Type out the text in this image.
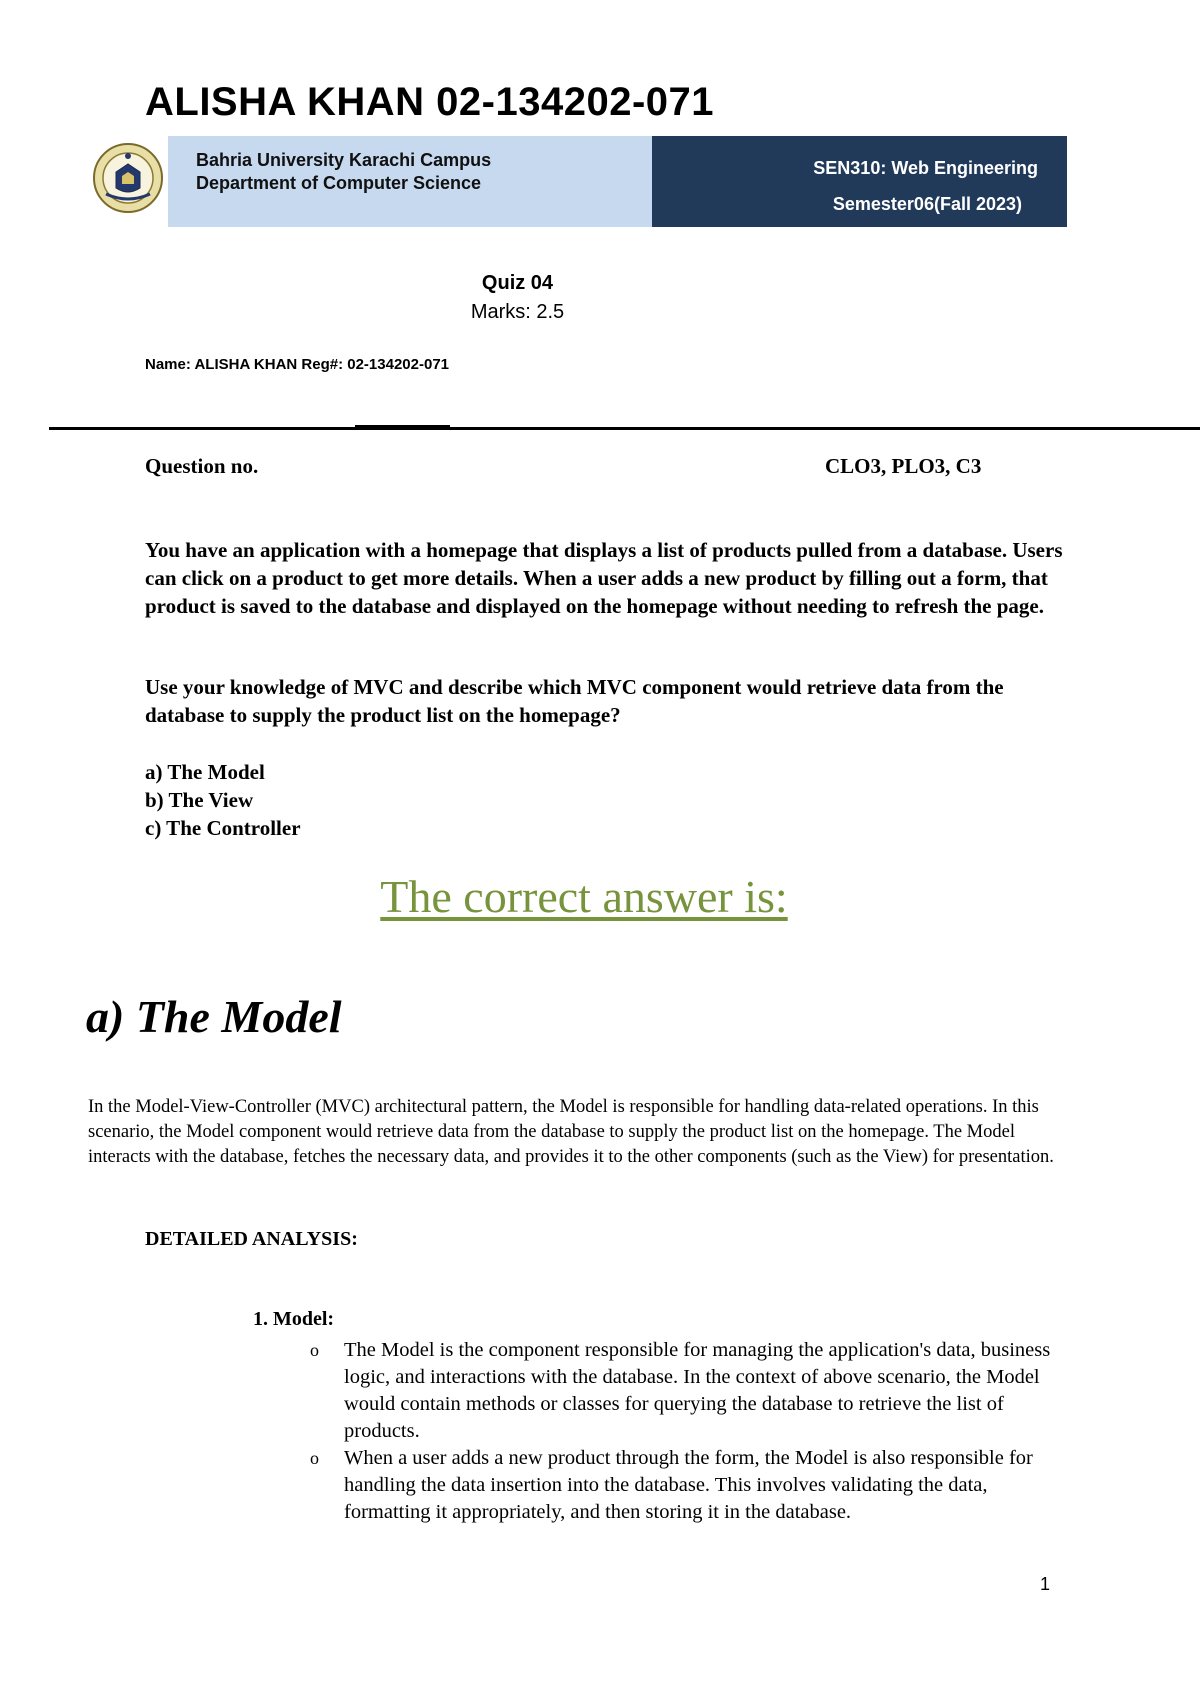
ALISHA KHAN 02-134202-071
Bahria University Karachi Campus
Department of Computer Science
SEN310: Web Engineering
Semester06(Fall 2023)
Quiz 04
Marks: 2.5
Name: ALISHA KHAN Reg#: 02-134202-071
Question no.	CLO3, PLO3, C3
You have an application with a homepage that displays a list of products pulled from a database. Users can click on a product to get more details. When a user adds a new product by filling out a form, that product is saved to the database and displayed on the homepage without needing to refresh the page.
Use your knowledge of MVC and describe which MVC component would retrieve data from the database to supply the product list on the homepage?
a) The Model
b) The View
c) The Controller
The correct answer is:
a) The Model
In the Model-View-Controller (MVC) architectural pattern, the Model is responsible for handling data-related operations. In this scenario, the Model component would retrieve data from the database to supply the product list on the homepage. The Model interacts with the database, fetches the necessary data, and provides it to the other components (such as the View) for presentation.
DETAILED ANALYSIS:
1. Model:
o The Model is the component responsible for managing the application's data, business logic, and interactions with the database. In the context of above scenario, the Model would contain methods or classes for querying the database to retrieve the list of products.
o When a user adds a new product through the form, the Model is also responsible for handling the data insertion into the database. This involves validating the data, formatting it appropriately, and then storing it in the database.
1
